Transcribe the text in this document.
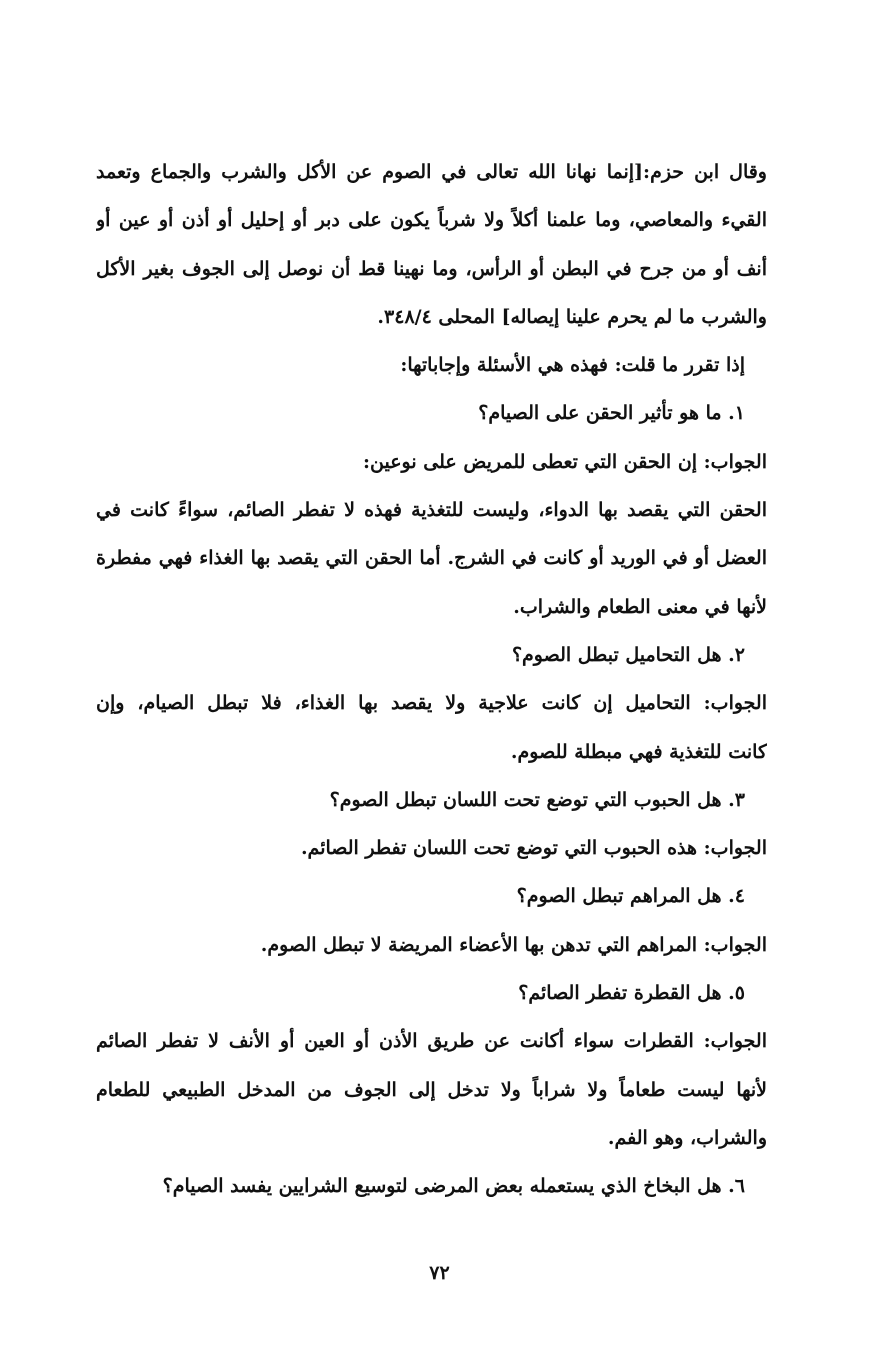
وقال ابن حزم:[إنما نهانا الله تعالى في الصوم عن الأكل والشرب والجماع وتعمد
القيء والمعاصي، وما علمنا أكلاً ولا شرباً يكون على دبر أو إحليل أو أذن أو عين أو
أنف أو من جرح في البطن أو الرأس، وما نهينا قط أن نوصل إلى الجوف بغير الأكل
والشرب ما لم يحرم علينا إيصاله] المحلى ٣٤٨/٤.
إذا تقرر ما قلت: فهذه هي الأسئلة وإجاباتها:
١. ما هو تأثير الحقن على الصيام؟
الجواب: إن الحقن التي تعطى للمريض على نوعين:
الحقن التي يقصد بها الدواء، وليست للتغذية فهذه لا تفطر الصائم، سواءً كانت في
العضل أو في الوريد أو كانت في الشرج. أما الحقن التي يقصد بها الغذاء فهي مفطرة
لأنها في معنى الطعام والشراب.
٢. هل التحاميل تبطل الصوم؟
الجواب: التحاميل إن كانت علاجية ولا يقصد بها الغذاء، فلا تبطل الصيام، وإن
كانت للتغذية فهي مبطلة للصوم.
٣. هل الحبوب التي توضع تحت اللسان تبطل الصوم؟
الجواب: هذه الحبوب التي توضع تحت اللسان تفطر الصائم.
٤. هل المراهم تبطل الصوم؟
الجواب: المراهم التي تدهن بها الأعضاء المريضة لا تبطل الصوم.
٥. هل القطرة تفطر الصائم؟
الجواب: القطرات سواء أكانت عن طريق الأذن أو العين أو الأنف لا تفطر الصائم
لأنها ليست طعاماً ولا شراباً ولا تدخل إلى الجوف من المدخل الطبيعي للطعام
والشراب، وهو الفم.
٦. هل البخاخ الذي يستعمله بعض المرضى لتوسيع الشرايين يفسد الصيام؟
٧٢
